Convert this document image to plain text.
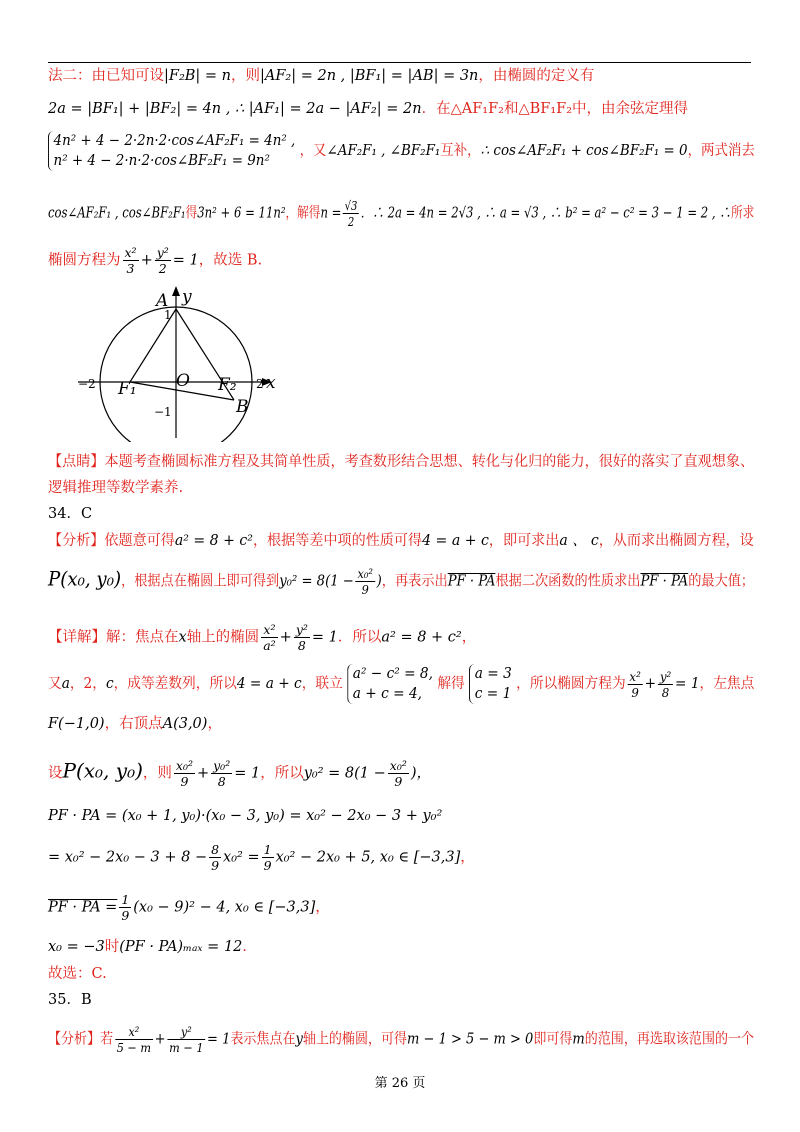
法二：由已知可设|F₂B| = n，则|AF₂| = 2n , |BF₁| = |AB| = 3n，由椭圆的定义有
2a = |BF₁| + |BF₂| = 4n , ∴ |AF₁| = 2a − |AF₂| = 2n．在△AF₁F₂和△BF₁F₂中，由余弦定理得
4n² + 4 − 2·2n·2·cos∠AF₂F₁ = 4n² ,
n² + 4 − 2·n·2·cos∠BF₂F₁ = 9n²
，又∠AF₂F₁ , ∠BF₂F₁互补，∴ cos∠AF₂F₁ + cos∠BF₂F₁ = 0，两式消去
cos∠AF₂F₁ , cos∠BF₂F₁得3n² + 6 = 11n²，解得$n = \frac{√3}{2}$ ．∴ 2a = 4n = 2√3 , ∴ a = √3 , ∴ b² = a² − c² = 3 − 1 = 2 , ∴所求
椭圆方程为 $\frac{\text{x²}}{3} + \frac{\text{y²}}{2} = 1$，故选 B.
A y
x
O
F₁	F₂
B
−2	2
1
−1
【点睛】本题考查椭圆标准方程及其简单性质，考查数形结合思想、转化与化归的能力，很好的落实了直观想象、
逻辑推理等数学素养.
34．C
【分析】依题意可得a² = 8 + c²，根据等差中项的性质可得4 = a + c，即可求出a 、 c，从而求出椭圆方程，设
P(x₀, y₀)，根据点在椭圆上即可得到$y_0^2 = 8(1 - \frac{\text{x₀²}}{9}$ )，再表示出PF · PA根据二次函数的性质求出PF · PA的最大值；
【详解】解：焦点在x轴上的椭圆 $\frac{\text{x²}}{\text{a²}} + \frac{\text{y²}}{8} = 1$．所以a² = 8 + c²，
又a，2，c，成等差数列，所以4 = a + c，联立
a² − c² = 8,
a + c = 4,
解得
a = 3
c = 1
，所以椭圆方程为 $\frac{\text{x²}}{9} + \frac{\text{y²}}{8} = 1$，左焦点
F(−1,0)，右顶点A(3,0)，
设P(x₀, y₀)，则 $\frac{\text{x₀²}}{9} + \frac{\text{y₀²}}{8} = 1$，所以$y_0^2 = 8(1 - \frac{\text{x₀²}}{9}$ )，
PF · PA = (x₀ + 1, y₀)·(x₀ − 3, y₀) = x₀² − 2x₀ − 3 + y₀²
= $x_0^2 - 2x_0 - 3 + 8 - \frac{8}{9} x_0^2 = \frac{1}{9} x_0^2 - 2x_0 + 5$, x₀ ∈ [−3,3]，
PF · PA = $\frac{1}{9} (x_0 - 9)^2 - 4$, x₀ ∈ [−3,3]，
x₀ = −3时(PF · PA)ₘₐₓ = 12．
故选：C.
35．B
【分析】若 $\frac{\text{x²}}{5 - m} + \frac{\text{y²}}{m - 1} = 1$表示焦点在y轴上的椭圆，可得m − 1 > 5 − m > 0即可得m的范围，再选取该范围的一个
第 26 页
